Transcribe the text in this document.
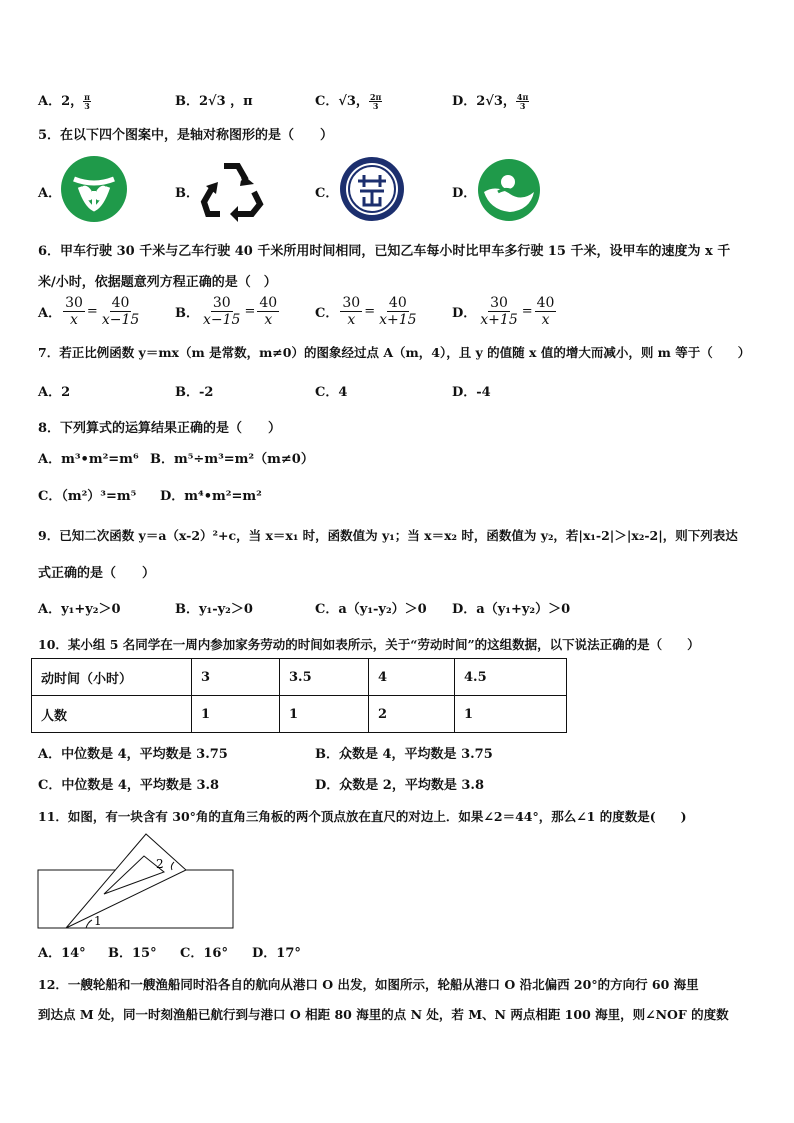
A．2， $\frac{\pi}{3}$	B．2√3 ，π	C．√3， $\frac{2\pi}{3}$	D．2√3， $\frac{4\pi}{3}$
5．在以下四个图案中，是轴对称图形的是（　　）
A．	B．	C．	D．
6．甲车行驶 30 千米与乙车行驶 40 千米所用时间相同，已知乙车每小时比甲车多行驶 15 千米，设甲车的速度为 x 千
米/小时，依据题意列方程正确的是（　）
A． $\frac{30}{x} = \frac{40}{x-15}$	B． $\frac{30}{x-15} = \frac{40}{x}$	C． $\frac{30}{x} = \frac{40}{x+15}$	D． $\frac{30}{x+15} = \frac{40}{x}$
7．若正比例函数 y＝mx（m 是常数，m≠0）的图象经过点 A（m，4），且 y 的值随 x 值的增大而减小，则 m 等于（　　）
A．2	B．-2	C．4	D．-4
8．下列算式的运算结果正确的是（　　）
A．m³•m²=m⁶ B．m⁵÷m³=m²（m≠0）
C．（m²）³=m⁵ D．m⁴•m²=m²
9．已知二次函数 y＝a（x-2）²+c，当 x＝x₁ 时，函数值为 y₁；当 x＝x₂ 时，函数值为 y₂，若|x₁-2|＞|x₂-2|，则下列表达
式正确的是（　　）
A．y₁+y₂＞0	B．y₁-y₂＞0	C．a（y₁-y₂）＞0 D．a（y₁+y₂）＞0
10．某小组 5 名同学在一周内参加家务劳动的时间如表所示，关于“劳动时间”的这组数据，以下说法正确的是（　　）
动时间（小时）	3	3.5	4	4.5
人数	1	1	2	1
A．中位数是 4，平均数是 3.75	B．众数是 4，平均数是 3.75
C．中位数是 4，平均数是 3.8	D．众数是 2，平均数是 3.8
11．如图，有一块含有 30°角的直角三角板的两个顶点放在直尺的对边上．如果∠2＝44°，那么∠1 的度数是(　　)
2
1
A．14° B．15° C．16° D．17°
12．一艘轮船和一艘渔船同时沿各自的航向从港口 O 出发，如图所示，轮船从港口 O 沿北偏西 20°的方向行 60 海里
到达点 M 处，同一时刻渔船已航行到与港口 O 相距 80 海里的点 N 处，若 M、N 两点相距 100 海里，则∠NOF 的度数
